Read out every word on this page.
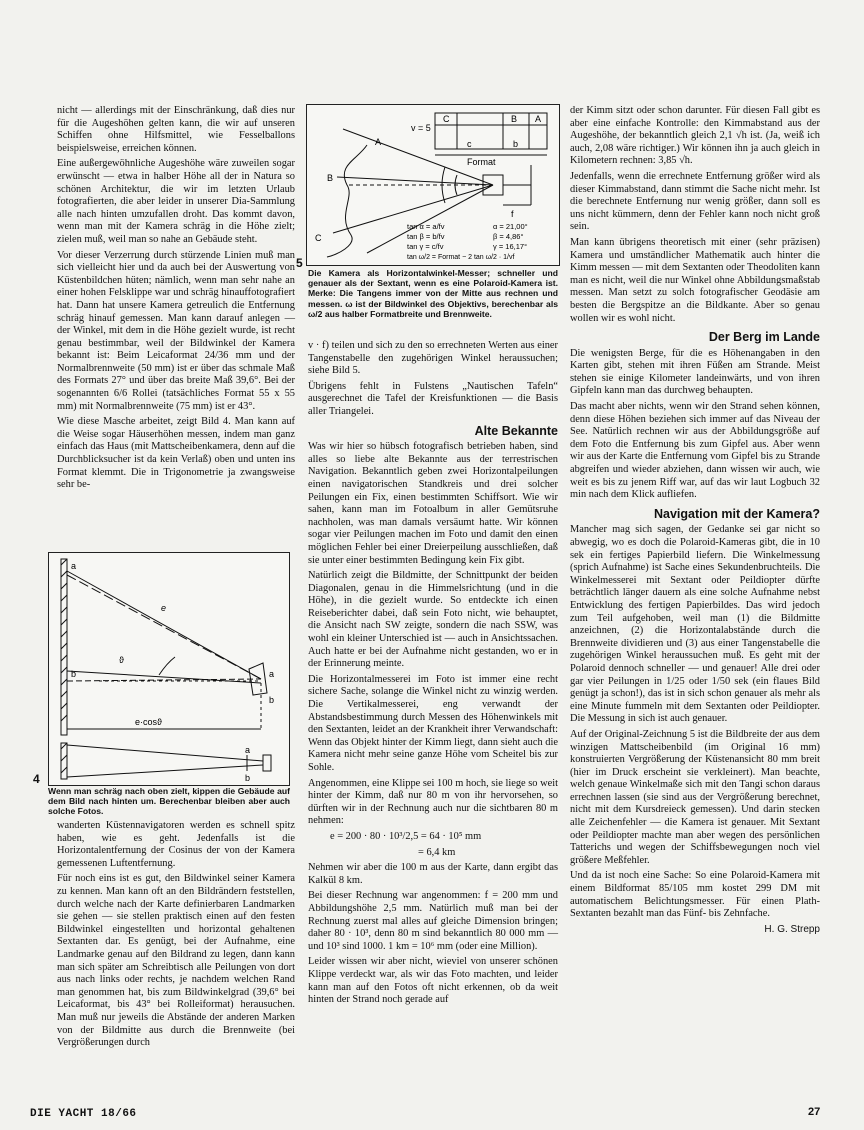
nicht — allerdings mit der Einschränkung, daß dies nur für die Augeshöhen gelten kann, die wir auf unseren Schiffen ohne Hilfsmittel, wie Fesselballons beispielsweise, erreichen können.

Eine außergewöhnliche Augeshöhe wäre zuweilen sogar erwünscht — etwa in halber Höhe all der in Natura so schönen Architektur, die wir im letzten Urlaub fotografierten, die aber leider in unserer Dia-Sammlung alle nach hinten umzufallen droht. Das kommt davon, wenn man mit der Kamera schräg in die Höhe zielt; zielen muß, weil man so nahe an Gebäude steht.

Vor dieser Verzerrung durch stürzende Linien muß man sich vielleicht hier und da auch bei der Auswertung von Küstenbildchen hüten; nämlich, wenn man sehr nahe an einer hohen Felsklippe war und schräg hinauffotografiert hat. Dann hat unsere Kamera getreulich die Entfernung schräg hinauf gemessen. Man kann darauf anlegen — der Winkel, mit dem in die Höhe gezielt wurde, ist recht genau bestimmbar, weil der Bildwinkel der Kamera bekannt ist: Beim Leicaformat 24/36 mm und der Normalbrennweite (50 mm) ist er über das schmale Maß des Formats 27° und über das breite Maß 39,6°. Bei der sogenannten 6/6 Rollei (tatsächliches Format 55 x 55 mm) mit Normalbrennweite (75 mm) ist er 43°.

Wie diese Masche arbeitet, zeigt Bild 4. Man kann auf die Weise sogar Häuserhöhen messen, indem man ganz einfach das Haus (mit Mattscheibenkamera, denn auf die Durchblicksucher ist da kein Verlaß) oben und unten ins Format klemmt. Die in Trigonometrie ja zwangsweise sehr be-

a
b
e
ϑ
e·cosϑ
a
b
a
b
4
Wenn man schräg nach oben zielt, kippen die Gebäude auf dem Bild nach hinten um. Berechenbar bleiben aber auch solche Fotos.

wanderten Küstennavigatoren werden es schnell spitz haben, wie es geht. Jedenfalls ist die Horizontalentfernung der Cosinus der von der Kamera gemessenen Luftentfernung.

Für noch eins ist es gut, den Bildwinkel seiner Kamera zu kennen. Man kann oft an den Bildrändern feststellen, durch welche nach der Karte definierbaren Landmarken sie gehen — sie stellen praktisch einen auf den festen Bildwinkel eingestellten und horizontal gehaltenen Sextanten dar. Es genügt, bei der Aufnahme, eine Landmarke genau auf den Bildrand zu legen, dann kann man sich später am Schreibtisch alle Peilungen von dort aus nach links oder rechts, je nachdem welchen Rand man genommen hat, bis zum Bildwinkelgrad (39,6° bei Leicaformat, bis 43° bei Rolleiformat) herausuchen. Man muß nur jeweils die Abstände der anderen Marken von der Bildmitte aus durch die Brennweite (bei Vergrößerungen durch

v = 5
C	B A
c	b
Format
A
B
C
f
tan α = a/fv
tan β = b/fv
tan γ = c/fv
tan ω/2 = Format − 2 tan ω/2 · 1/vf
α = 21,00°
β = 4,86°
γ = 16,17°
5
Die Kamera als Horizontalwinkel-Messer; schneller und genauer als der Sextant, wenn es eine Polaroid-Kamera ist. Merke: Die Tangens immer von der Mitte aus rechnen und messen. ω ist der Bildwinkel des Objektivs, berechenbar als ω/2 aus halber Formatbreite und Brennweite.

v · f) teilen und sich zu den so errechneten Werten aus einer Tangenstabelle den zugehörigen Winkel heraussuchen; siehe Bild 5.

Übrigens fehlt in Fulstens „Nautischen Tafeln“ ausgerechnet die Tafel der Kreisfunktionen — die Basis aller Triangelei.

Alte Bekannte

Was wir hier so hübsch fotografisch betrieben haben, sind alles so liebe alte Bekannte aus der terrestrischen Navigation. Bekanntlich geben zwei Horizontalpeilungen einen navigatorischen Standkreis und drei solcher Peilungen ein Fix, einen bestimmten Schiffsort. Wie wir sahen, kann man im Fotoalbum in aller Gemütsruhe nachholen, was man damals versäumt hatte. Wir können sogar vier Peilungen machen im Foto und damit den einen möglichen Fehler bei einer Dreierpeilung ausschließen, daß sie unter einer bestimmten Bedingung kein Fix gibt.

Natürlich zeigt die Bildmitte, der Schnittpunkt der beiden Diagonalen, genau in die Himmelsrichtung (und in die Höhe), in die gezielt wurde. So entdeckte ich einen Reiseberichter dabei, daß sein Foto nicht, wie behauptet, die Ansicht nach SW zeigte, sondern die nach SSW, was wohl ein kleiner Unterschied ist — auch in Ansichtssachen. Auch hatte er bei der Aufnahme nicht gestanden, wo er in der Erinnerung meinte.

Die Horizontalmesserei im Foto ist immer eine recht sichere Sache, solange die Winkel nicht zu winzig werden. Die Vertikalmesserei, eng verwandt der Abstandsbestimmung durch Messen des Höhenwinkels mit den Sextanten, leidet an der Krankheit ihrer Verwandschaft: Wenn das Objekt hinter der Kimm liegt, dann sieht auch die Kamera nicht mehr seine ganze Höhe vom Scheitel bis zur Sohle.

Angenommen, eine Klippe sei 100 m hoch, sie liege so weit hinter der Kimm, daß nur 80 m von ihr hervorsehen, so dürften wir in der Rechnung auch nur die sichtbaren 80 m nehmen:

e = 200 · 80 · 10³/2,5 = 64 · 10⁵ mm
= 6,4 km

Nehmen wir aber die 100 m aus der Karte, dann ergibt das Kalkül 8 km.

Bei dieser Rechnung war angenommen: f = 200 mm und Abbildungshöhe 2,5 mm. Natürlich muß man bei der Rechnung zuerst mal alles auf gleiche Dimension bringen; daher 80 · 10³, denn 80 m sind bekanntlich 80 000 mm — und 10³ sind 1000. 1 km = 10⁶ mm (oder eine Million).

Leider wissen wir aber nicht, wieviel von unserer schönen Klippe verdeckt war, als wir das Foto machten, und leider kann man auf den Fotos oft nicht erkennen, ob da weit hinten der Strand noch gerade auf

der Kimm sitzt oder schon darunter. Für diesen Fall gibt es aber eine einfache Kontrolle: den Kimmabstand aus der Augeshöhe, der bekanntlich gleich 2,1 √h ist. (Ja, weiß ich auch, 2,08 wäre richtiger.) Wir können ihn ja auch gleich in Kilometern rechnen: 3,85 √h.

Jedenfalls, wenn die errechnete Entfernung größer wird als dieser Kimmabstand, dann stimmt die Sache nicht mehr. Ist die berechnete Entfernung nur wenig größer, dann soll es uns nicht kümmern, denn der Fehler kann noch nicht groß sein.

Man kann übrigens theoretisch mit einer (sehr präzisen) Kamera und umständlicher Mathematik auch hinter die Kimm messen — mit dem Sextanten oder Theodoliten kann man es nicht, weil die nur Winkel ohne Abbildungsmaßstab messen. Man setzt zu solch fotografischer Geodäsie am besten die Bergspitze an die Bildkante. Aber so genau wollen wir es wohl nicht.

Der Berg im Lande

Die wenigsten Berge, für die es Höhenangaben in den Karten gibt, stehen mit ihren Füßen am Strande. Meist stehen sie einige Kilometer landeinwärts, und von ihren Gipfeln kann man das durchweg behaupten.

Das macht aber nichts, wenn wir den Strand sehen können, denn diese Höhen beziehen sich immer auf das Niveau der See. Natürlich rechnen wir aus der Abbildungsgröße auf dem Foto die Entfernung bis zum Gipfel aus. Aber wenn wir aus der Karte die Entfernung vom Gipfel bis zu Strande abgreifen und wieder abziehen, dann wissen wir auch, wie weit es bis zu jenem Riff war, auf das wir laut Logbuch 32 min nach dem Klick aufliefen.

Navigation mit der Kamera?

Mancher mag sich sagen, der Gedanke sei gar nicht so abwegig, wo es doch die Polaroid-Kameras gibt, die in 10 sek ein fertiges Papierbild liefern. Die Winkelmessung (sprich Aufnahme) ist Sache eines Sekundenbruchteils. Die Winkelmesserei mit Sextant oder Peildiopter dürfte beträchtlich länger dauern als eine solche Aufnahme nebst Entwicklung des fertigen Papierbildes. Das wird jedoch zum Teil aufgehoben, weil man (1) die Bildmitte anzeichnen, (2) die Horizontalabstände durch die Brennweite dividieren und (3) aus einer Tangenstabelle die zugehörigen Winkel heraussuchen muß. Es geht mit der Polaroid dennoch schneller — und genauer! Alle drei oder gar vier Peilungen in 1/25 oder 1/50 sek (ein flaues Bild genügt ja schon!), das ist in sich schon genauer als mehr als eine Minute fummeln mit dem Sextanten oder Peildiopter. Die Messung in sich ist auch genauer.

Auf der Original-Zeichnung 5 ist die Bildbreite der aus dem winzigen Mattscheibenbild (im Original 16 mm) konstruierten Vergrößerung der Küstenansicht 80 mm breit (hier im Druck erscheint sie verkleinert). Man beachte, welch genaue Winkelmaße sich mit den Tangi schon daraus errechnen lassen (sie sind aus der Vergrößerung berechnet, nicht mit dem Kursdreieck gemessen). Und darin stecken alle Zeichenfehler — die Kamera ist genauer. Mit Sextant oder Peildiopter machte man aber wegen des persönlichen Tatterichs und wegen der Schiffsbewegungen noch viel größere Meßfehler.

Und da ist noch eine Sache: So eine Polaroid-Kamera mit einem Bildformat 85/105 mm kostet 299 DM mit automatischem Belichtungsmesser. Für einen Plath-Sextanten bezahlt man das Fünf- bis Zehnfache.

H. G. Strepp
DIE YACHT 18/66	27
